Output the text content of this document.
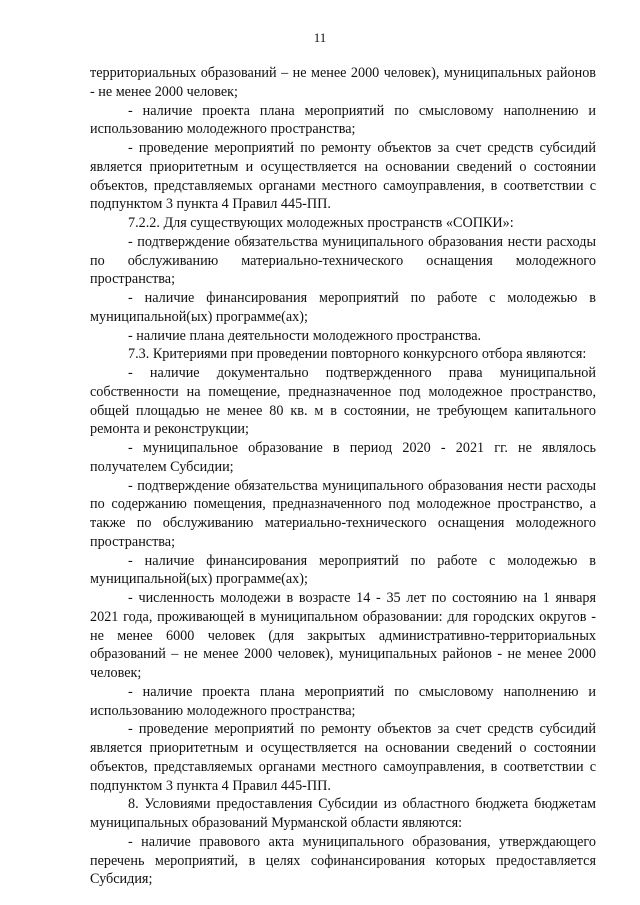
11

территориальных образований – не менее 2000 человек), муниципальных районов - не менее 2000 человек;

- наличие проекта плана мероприятий по смысловому наполнению и использованию молодежного пространства;

- проведение мероприятий по ремонту объектов за счет средств субсидий является приоритетным и осуществляется на основании сведений о состоянии объектов, представляемых органами местного самоуправления, в соответствии с подпунктом 3 пункта 4 Правил 445-ПП.

7.2.2. Для существующих молодежных пространств «СОПКИ»:

- подтверждение обязательства муниципального образования нести расходы по обслуживанию материально-технического оснащения молодежного пространства;

- наличие финансирования мероприятий по работе с молодежью в муниципальной(ых) программе(ах);

- наличие плана деятельности молодежного пространства.

7.3. Критериями при проведении повторного конкурсного отбора являются:

- наличие документально подтвержденного права муниципальной собственности на помещение, предназначенное под молодежное пространство, общей площадью не менее 80 кв. м в состоянии, не требующем капитального ремонта и реконструкции;

- муниципальное образование в период 2020 - 2021 гг. не являлось получателем Субсидии;

- подтверждение обязательства муниципального образования нести расходы по содержанию помещения, предназначенного под молодежное пространство, а также по обслуживанию материально-технического оснащения молодежного пространства;

- наличие финансирования мероприятий по работе с молодежью в муниципальной(ых) программе(ах);

- численность молодежи в возрасте 14 - 35 лет по состоянию на 1 января 2021 года, проживающей в муниципальном образовании: для городских округов - не менее 6000 человек (для закрытых административно-территориальных образований – не менее 2000 человек), муниципальных районов - не менее 2000 человек;

- наличие проекта плана мероприятий по смысловому наполнению и использованию молодежного пространства;

- проведение мероприятий по ремонту объектов за счет средств субсидий является приоритетным и осуществляется на основании сведений о состоянии объектов, представляемых органами местного самоуправления, в соответствии с подпунктом 3 пункта 4 Правил 445-ПП.

8. Условиями предоставления Субсидии из областного бюджета бюджетам муниципальных образований Мурманской области являются:

- наличие правового акта муниципального образования, утверждающего перечень мероприятий, в целях софинансирования которых предоставляется Субсидия;
